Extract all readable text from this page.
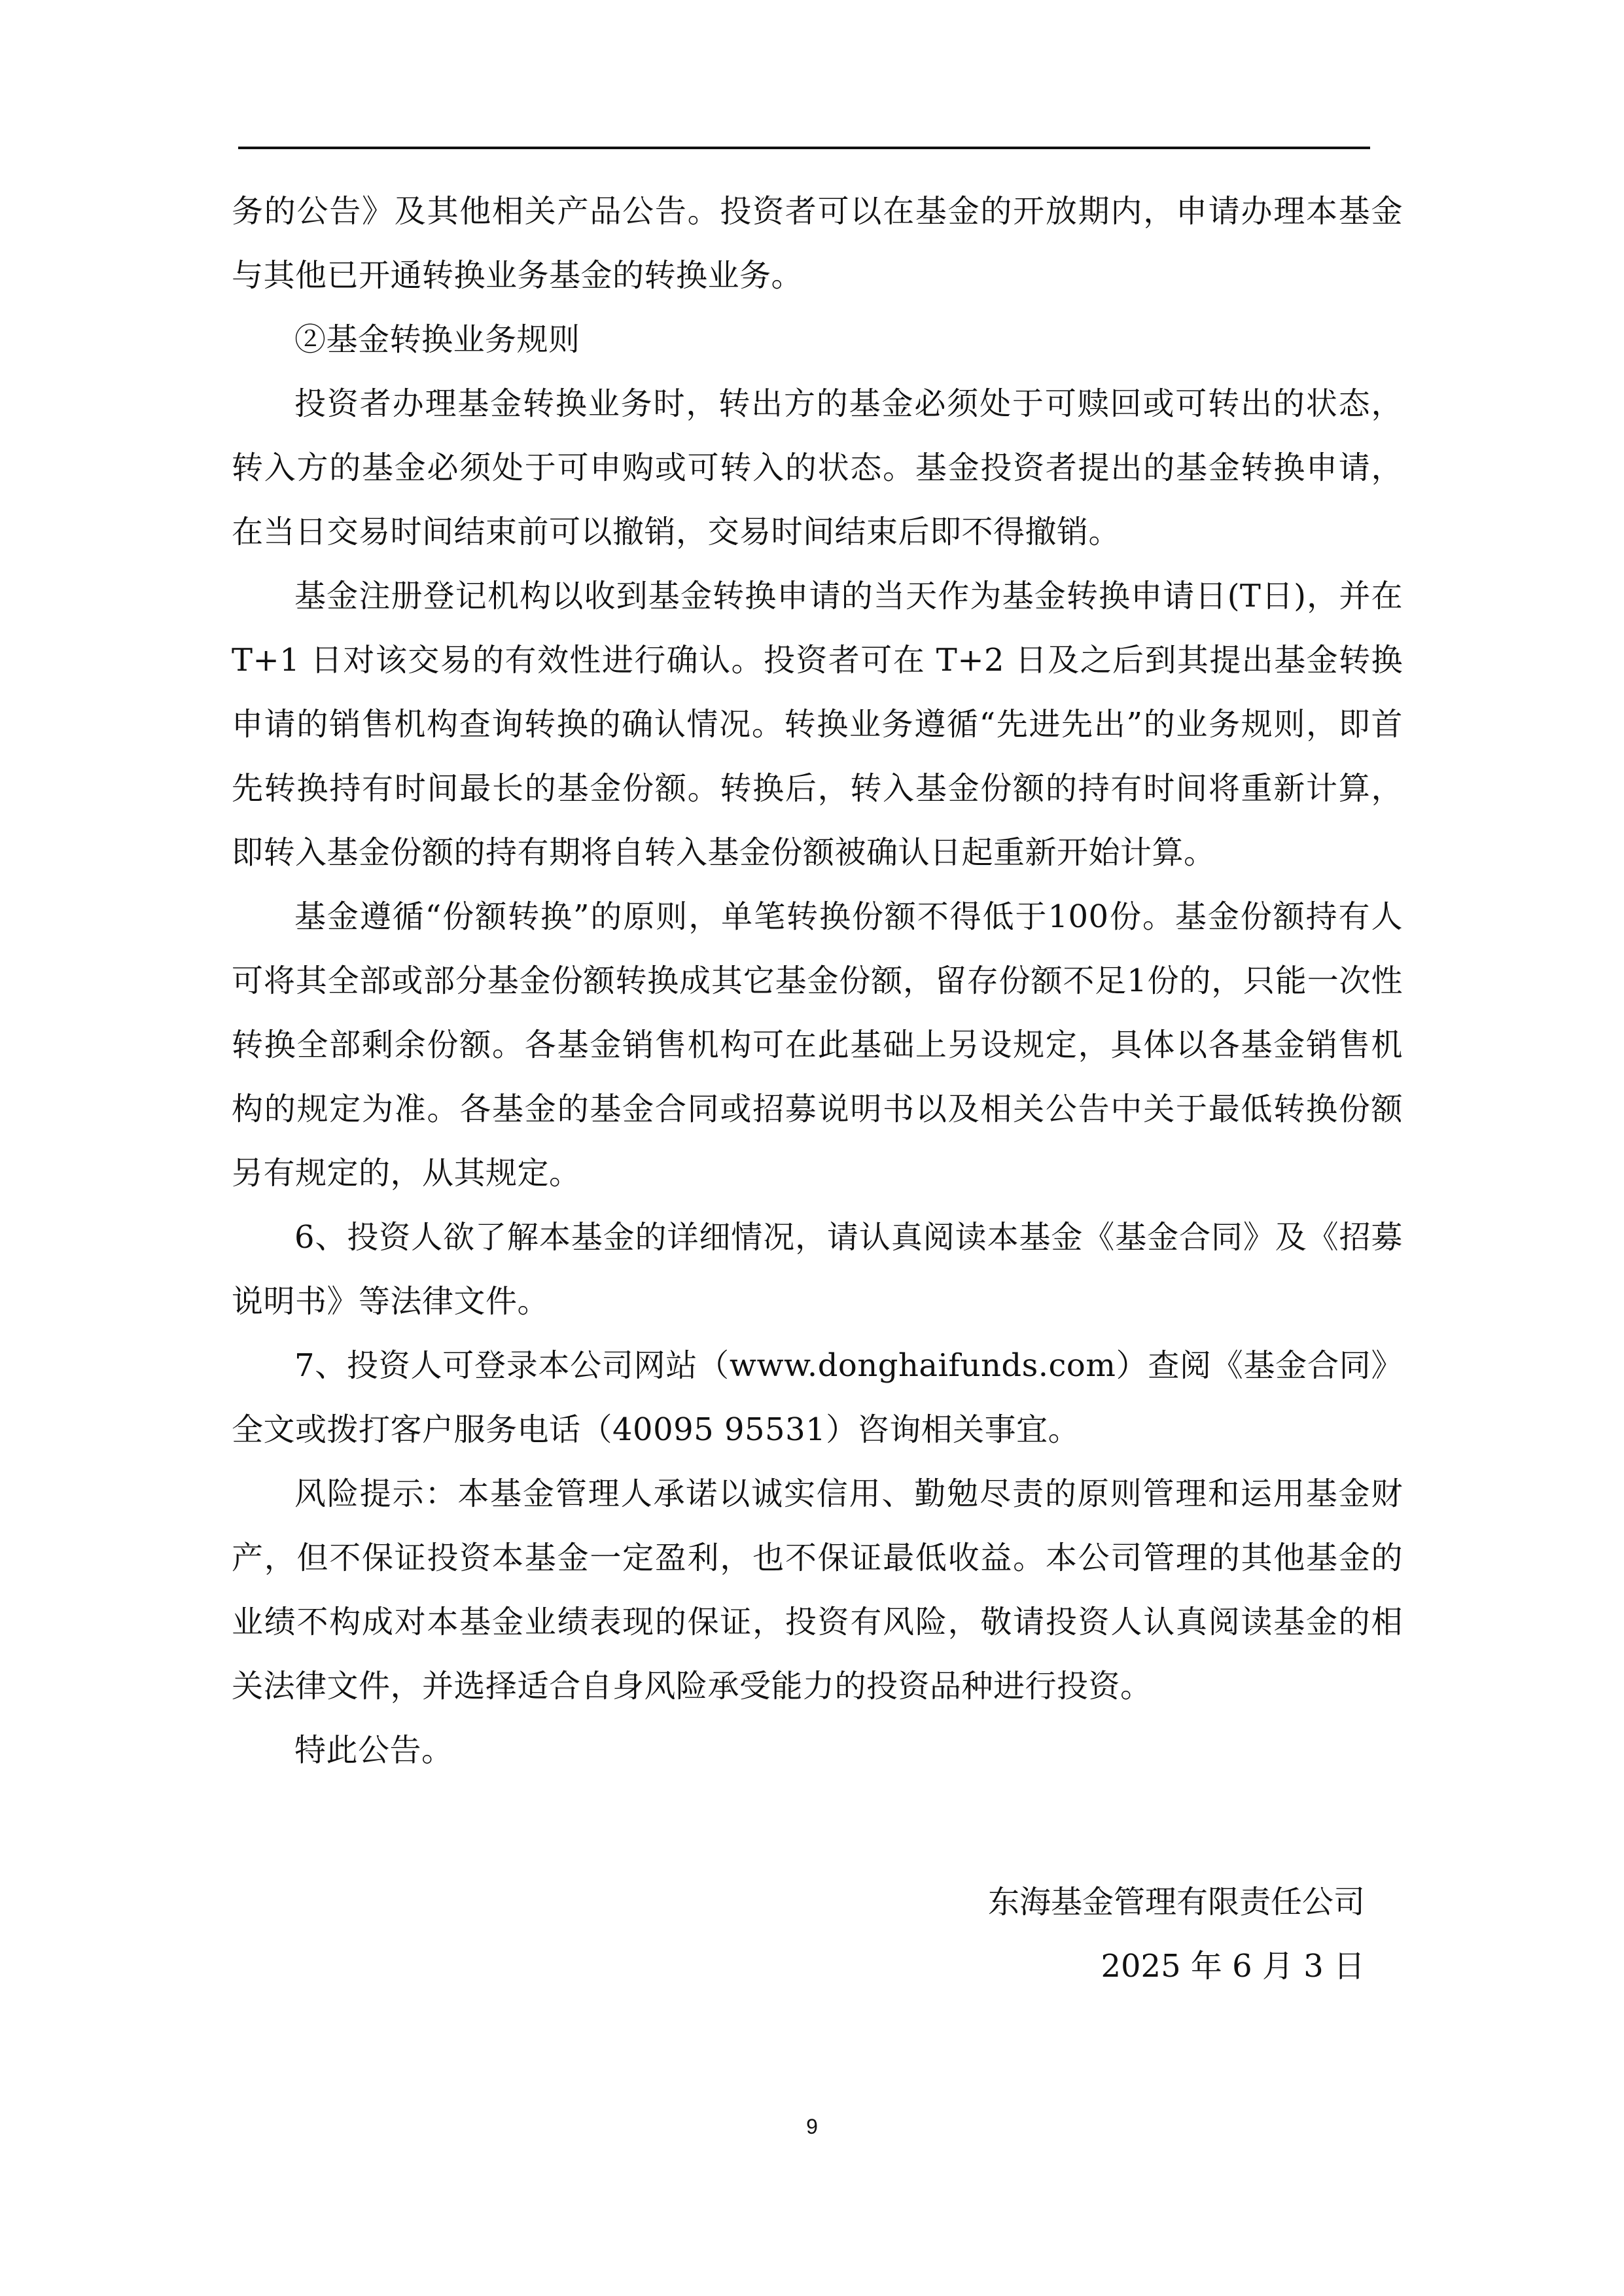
务的公告》及其他相关产品公告。投资者可以在基金的开放期内，申请办理本基金与其他已开通转换业务基金的转换业务。

②基金转换业务规则

投资者办理基金转换业务时，转出方的基金必须处于可赎回或可转出的状态，转入方的基金必须处于可申购或可转入的状态。基金投资者提出的基金转换申请，在当日交易时间结束前可以撤销，交易时间结束后即不得撤销。

基金注册登记机构以收到基金转换申请的当天作为基金转换申请日(T日)，并在 T+1 日对该交易的有效性进行确认。投资者可在 T+2 日及之后到其提出基金转换申请的销售机构查询转换的确认情况。转换业务遵循“先进先出”的业务规则，即首先转换持有时间最长的基金份额。转换后，转入基金份额的持有时间将重新计算，即转入基金份额的持有期将自转入基金份额被确认日起重新开始计算。

基金遵循“份额转换”的原则，单笔转换份额不得低于100份。基金份额持有人可将其全部或部分基金份额转换成其它基金份额，留存份额不足1份的，只能一次性转换全部剩余份额。各基金销售机构可在此基础上另设规定，具体以各基金销售机构的规定为准。各基金的基金合同或招募说明书以及相关公告中关于最低转换份额另有规定的，从其规定。

6、投资人欲了解本基金的详细情况，请认真阅读本基金《基金合同》及《招募说明书》等法律文件。

7、投资人可登录本公司网站（www.donghaifunds.com）查阅《基金合同》全文或拨打客户服务电话（40095 95531）咨询相关事宜。

风险提示：本基金管理人承诺以诚实信用、勤勉尽责的原则管理和运用基金财产，但不保证投资本基金一定盈利，也不保证最低收益。本公司管理的其他基金的业绩不构成对本基金业绩表现的保证，投资有风险，敬请投资人认真阅读基金的相关法律文件，并选择适合自身风险承受能力的投资品种进行投资。

特此公告。

东海基金管理有限责任公司

2025 年 6 月 3 日

9
